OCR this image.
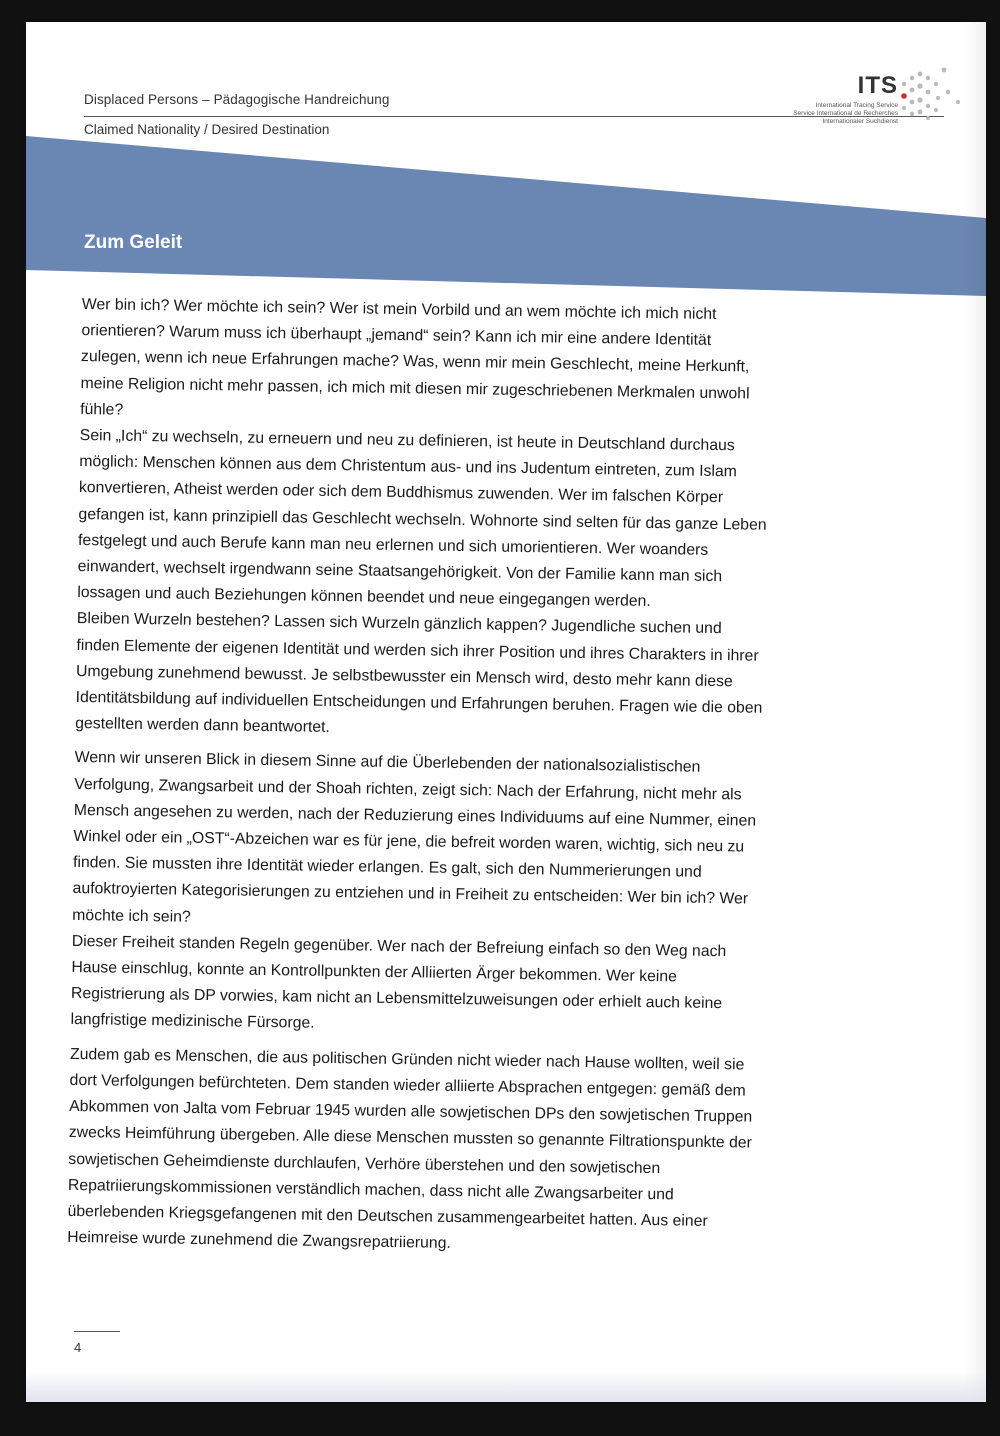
Displaced Persons – Pädagogische Handreichung
Claimed Nationality / Desired Destination
ITS
International Tracing Service
Service International de Recherches
Internationaler Suchdienst
Zum Geleit

Wer bin ich? Wer möchte ich sein? Wer ist mein Vorbild und an wem möchte ich mich nicht orientieren? Warum muss ich überhaupt „jemand“ sein? Kann ich mir eine andere Identität zulegen, wenn ich neue Erfahrungen mache? Was, wenn mir mein Geschlecht, meine Herkunft, meine Religion nicht mehr passen, ich mich mit diesen mir zugeschriebenen Merkmalen unwohl fühle?

Sein „Ich“ zu wechseln, zu erneuern und neu zu definieren, ist heute in Deutschland durchaus möglich: Menschen können aus dem Christentum aus- und ins Judentum eintreten, zum Islam konvertieren, Atheist werden oder sich dem Buddhismus zuwenden. Wer im falschen Körper gefangen ist, kann prinzipiell das Geschlecht wechseln. Wohnorte sind selten für das ganze Leben festgelegt und auch Berufe kann man neu erlernen und sich umorientieren. Wer woanders einwandert, wechselt irgendwann seine Staatsangehörigkeit. Von der Familie kann man sich lossagen und auch Beziehungen können beendet und neue eingegangen werden.

Bleiben Wurzeln bestehen? Lassen sich Wurzeln gänzlich kappen? Jugendliche suchen und finden Elemente der eigenen Identität und werden sich ihrer Position und ihres Charakters in ihrer Umgebung zunehmend bewusst. Je selbstbewusster ein Mensch wird, desto mehr kann diese Identitätsbildung auf individuellen Entscheidungen und Erfahrungen beruhen. Fragen wie die oben gestellten werden dann beantwortet.

Wenn wir unseren Blick in diesem Sinne auf die Überlebenden der nationalsozialistischen Verfolgung, Zwangsarbeit und der Shoah richten, zeigt sich: Nach der Erfahrung, nicht mehr als Mensch angesehen zu werden, nach der Reduzierung eines Individuums auf eine Nummer, einen Winkel oder ein „OST“-Abzeichen war es für jene, die befreit worden waren, wichtig, sich neu zu finden. Sie mussten ihre Identität wieder erlangen. Es galt, sich den Nummerierungen und aufoktroyierten Kategorisierungen zu entziehen und in Freiheit zu entscheiden: Wer bin ich? Wer möchte ich sein?

Dieser Freiheit standen Regeln gegenüber. Wer nach der Befreiung einfach so den Weg nach Hause einschlug, konnte an Kontrollpunkten der Alliierten Ärger bekommen. Wer keine Registrierung als DP vorwies, kam nicht an Lebensmittelzuweisungen oder erhielt auch keine langfristige medizinische Fürsorge.

Zudem gab es Menschen, die aus politischen Gründen nicht wieder nach Hause wollten, weil sie dort Verfolgungen befürchteten. Dem standen wieder alliierte Absprachen entgegen: gemäß dem Abkommen von Jalta vom Februar 1945 wurden alle sowjetischen DPs den sowjetischen Truppen zwecks Heimführung übergeben. Alle diese Menschen mussten so genannte Filtrationspunkte der sowjetischen Geheimdienste durchlaufen, Verhöre überstehen und den sowjetischen Repatriierungskommissionen verständlich machen, dass nicht alle Zwangsarbeiter und überlebenden Kriegsgefangenen mit den Deutschen zusammengearbeitet hatten. Aus einer Heimreise wurde zunehmend die Zwangsrepatriierung.

4
